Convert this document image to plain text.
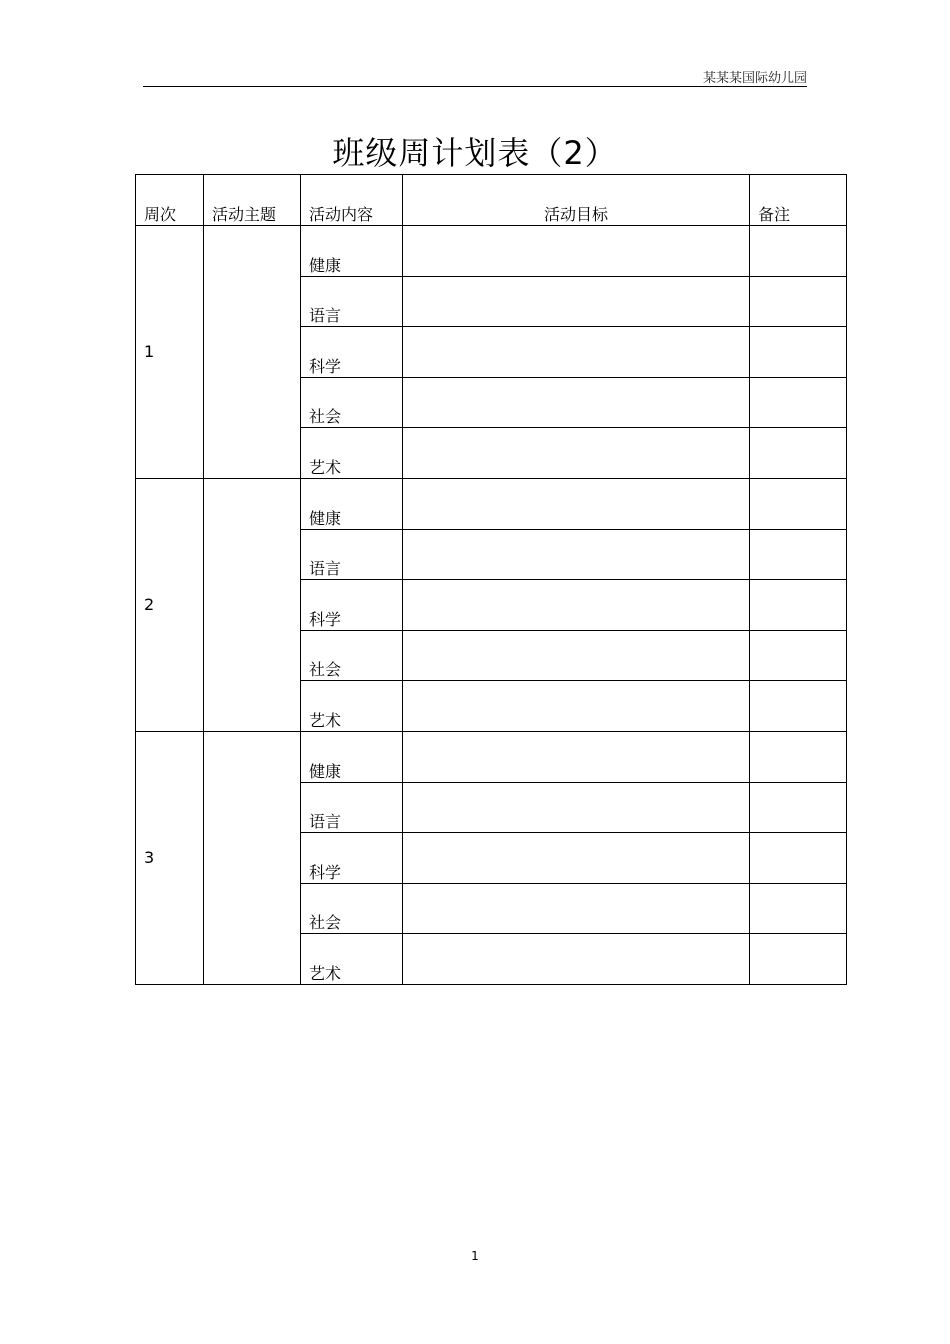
某某某国际幼儿园
班级周计划表（2）
周次	活动主题	活动内容	活动目标	备注
1		健康		
		语言		
		科学		
		社会		
		艺术		
2		健康		
		语言		
		科学		
		社会		
		艺术		
3		健康		
		语言		
		科学		
		社会		
		艺术		
1
